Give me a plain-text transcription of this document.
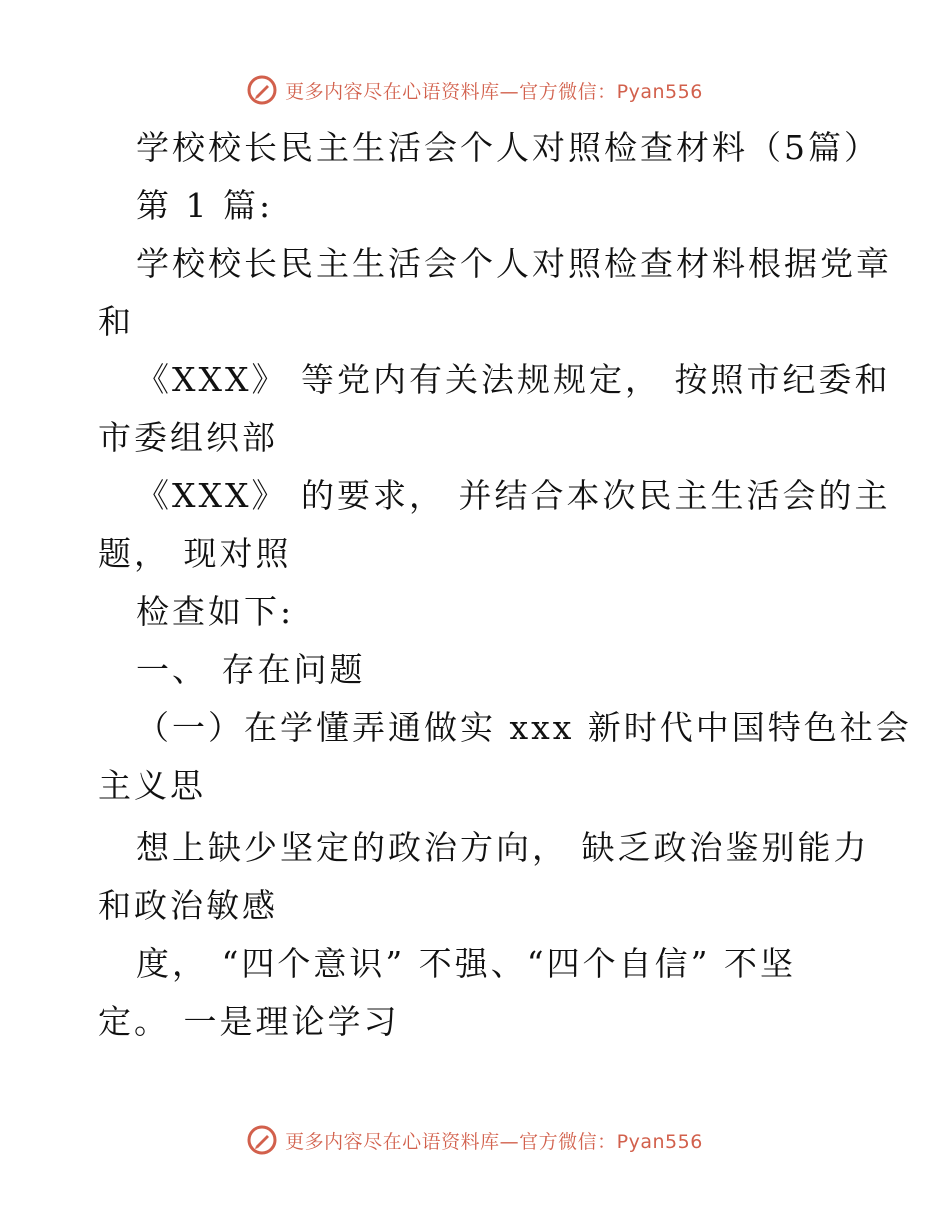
更多内容尽在心语资料库—官方微信：Pyan556
学校校长民主生活会个人对照检查材料（5篇）
第 1 篇:
学校校长民主生活会个人对照检查材料根据党章
和
《XXX》 等党内有关法规规定， 按照市纪委和
市委组织部
《XXX》 的要求， 并结合本次民主生活会的主
题， 现对照
检查如下:
一、 存在问题
（一）在学懂弄通做实 xxx 新时代中国特色社会
主义思
想上缺少坚定的政治方向， 缺乏政治鉴别能力
和政治敏感
度， “四个意识” 不强、“四个自信” 不坚
定。 一是理论学习
更多内容尽在心语资料库—官方微信：Pyan556
